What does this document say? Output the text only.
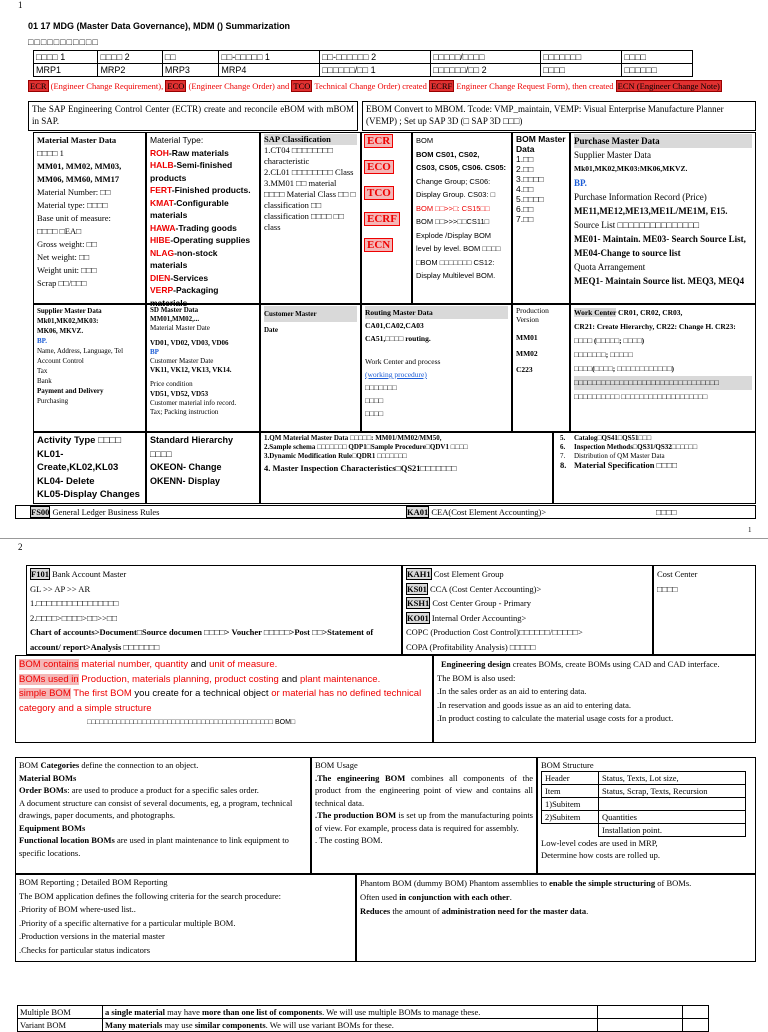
1
01 17 MDG (Master Data Governance), MDM () Summarization
□□□□□□□□□□□
□□□□ 1	□□□□ 2	□□	□□-□□□□□ 1	□□-□□□□□□ 2	□□□□□/□□□□	□□□□□□□	□□□□
MRP1	MRP2	MRP3	MRP4	□□□□□□/□□ 1	□□□□□□/□□ 2	□□□□	□□□□□□
ECR (Engineer Change Requirement), ECO (Engineer Change Order) and TCO Technical Change Order) created ECRF Engineer Change Request Form), then created ECN (Engineer Change Note)
The SAP Engineering Control Center (ECTR) create and reconcile eBOM with mBOM in SAP.
EBOM Convert to MBOM. Tcode: VMP_maintain, VEMP: Visual Enterprise Manufacture Planner (VEMP) ; Set up SAP 3D (□ SAP 3D □□□)
Material Master Data
□□□□ 1
MM01, MM02, MM03,
MM06, MM60, MM17
Material Number: □□
Material type: □□□□
Base unit of measure:
□□□□ □EA□
Gross weight: □□
Net weight: □□
Weight unit: □□□
Scrap □□/□□□
Material Type:
ROH-Raw materials
HALB-Semi-finished products
FERT-Finished products.
KMAT-Configurable materials
HAWA-Trading goods
HIBE-Operating supplies
NLAG-non-stock materials
DIEN-Services
VERP-Packaging materials
SAP Classification
1.CT04 □□□□□□□□ characteristic
2.CL01 □□□□□□□□ Class
3.MM01 □□ material □□□□ Material Class □□ □ classification □□ classification □□□□ □□ class
ECR ECO TCO ECRF ECN
BOM
BOM CS01, CS02,
CS03, CS05, CS06. CS05:
Change Group; CS06:
Display Group. CS03: □
BOM □□>>□: CS15□□
BOM □□>>>□□CS11□
Explode /Display BOM
level by level. BOM □□□□
□BOM □□□□□□□ CS12:
Display Multilevel BOM.
BOM Master Data
1.□□
2.□□
3.□□□□
4.□□
5.□□□□
6.□□
7.□□
Purchase Master Data
Supplier Master Data
Mk01,MK02,MK03:MK06,MKVZ.
BP.
Purchase Information Record (Price)
ME11,ME12,ME13,ME1L/ME1M, E15.
Source List □□□□□□□□□□□□□□□
ME01- Maintain. ME03- Search Source List, ME04-Change to source list
Quota Arrangement
MEQ1- Maintain Source list. MEQ3, MEQ4
Supplier Master Data
Mk01,MK02,MK03:
MK06, MKVZ.
BP.
Name, Address, Language, Tel
Account Control
Tax
Bank
Payment and Delivery
Purchasing
SD Master Data
MM01,MM02,...
Material Master Date
VD01, VD02, VD03, VD06
BP
Customer Master Date
VK11, VK12, VK13, VK14.
Price condition
VD51, VD52, VD53
Customer material info record.
Tax; Packing instruction
Customer Master
Date
Routing Master Data
CA01,CA02,CA03
CA51,□□□□ routing.
Work Center and process
(working procedure)
□□□□□□□
□□□□
□□□□
Production Version
MM01
MM02
C223
Work Center CR01, CR02, CR03,
CR21: Create Hierarchy, CR22: Change H. CR23:
□□□□ (□□□□□; □□□□)
□□□□□□□; □□□□□
□□□□(□□□□; □□□□□□□□□□□□)
□□□□□□□□□□□□□□□□□□□□□□□□□□□□□□□□
□□□□□□□□□□ □□□□□□□□□□□□□□□□□□□
Activity Type □□□□
KL01-
Create,KL02,KL03
KL04- Delete
KL05-Display Changes
Standard Hierarchy □□□□
OKEON- Change
OKENN- Display
1.QM Material Master Data □□□□□: MM01/MM02/MM50,
2.Sample schema □□□□□□□ QDP1□Sample Procedure□QDV1 □□□□
3.Dynamic Modification Rule□QDR1 □□□□□□□
4. Master Inspection Characteristics□QS21□□□□□□□
5. Catalog□QS41□QS51□□□
6. Inspection Methods□QS31/QS32□□□□□□
7. Distribution of QM Master Data
8. Material Specification □□□□
FS00 General Ledger Business Rules	KA01 CEA(Cost Element Accounting)>	□□□□
1
2
F101 Bank Account Master
GL >> AP >> AR
1.□□□□□□□□□□□□□□□□
2.□□□□>□□□□>□□>>□□
Chart of accounts>Document□Source documen □□□□> Voucher □□□□□>Post □□>Statement of
account/ report>Analysis □□□□□□□
KAH1 Cost Element Group
KS01 CCA (Cost Center Accounting)>
KSH1 Cost Center Group - Primary
KO01 Internal Order Accounting>
COPC (Production Cost Control)□□□□□□/□□□□□>
COPA (Profitability Analysis) □□□□□
Cost Center
□□□□
BOM contains material number, quantity and unit of measure.
BOMs used in Production, materials planning, product costing and plant maintenance.
simple BOM The first BOM you create for a technical object or material has no defined technical category and a simple structure
□□□□□□□□□□□□□□□□□□□□□□□□□□□□□□□□□□□□□□□□□□□□ BOM□
Engineering design creates BOMs, create BOMs using CAD and CAD interface.
The BOM is also used:
.In the sales order as an aid to entering data.
.In reservation and goods issue as an aid to entering data.
.In product costing to calculate the material usage costs for a product.
BOM Categories define the connection to an object.
Material BOMs
Order BOMs: are used to produce a product for a specific sales order.
A document structure can consist of several documents, eg, a program, technical drawings, paper documents, and photographs.
Equipment BOMs
Functional location BOMs are used in plant maintenance to link equipment to specific locations.
BOM Usage
.The engineering BOM combines all components of the product from the engineering point of view and contains all technical data.
.The production BOM is set up from the manufacturing points of view. For example, process data is required for assembly.
. The costing BOM.
BOM Structure
Header	Status, Texts, Lot size,
Item	Status, Scrap, Texts, Recursion
1)Subitem	
2)Subitem	Quantities
	Installation point.
Low-level codes are used in MRP,
Determine how costs are rolled up.
BOM Reporting ; Detailed BOM Reporting
The BOM application defines the following criteria for the search procedure:
.Priority of BOM where-used list..
.Priority of a specific alternative for a particular multiple BOM.
.Production versions in the material master
.Checks for particular status indicators
Phantom BOM (dummy BOM) Phantom assemblies to enable the simple structuring of BOMs.
Often used in conjunction with each other.
Reduces the amount of administration need for the master data.
Multiple BOM	a single material may have more than one list of components. We will use multiple BOMs to manage these.		
Variant BOM	Many materials may use similar components. We will use variant BOMs for these.		
